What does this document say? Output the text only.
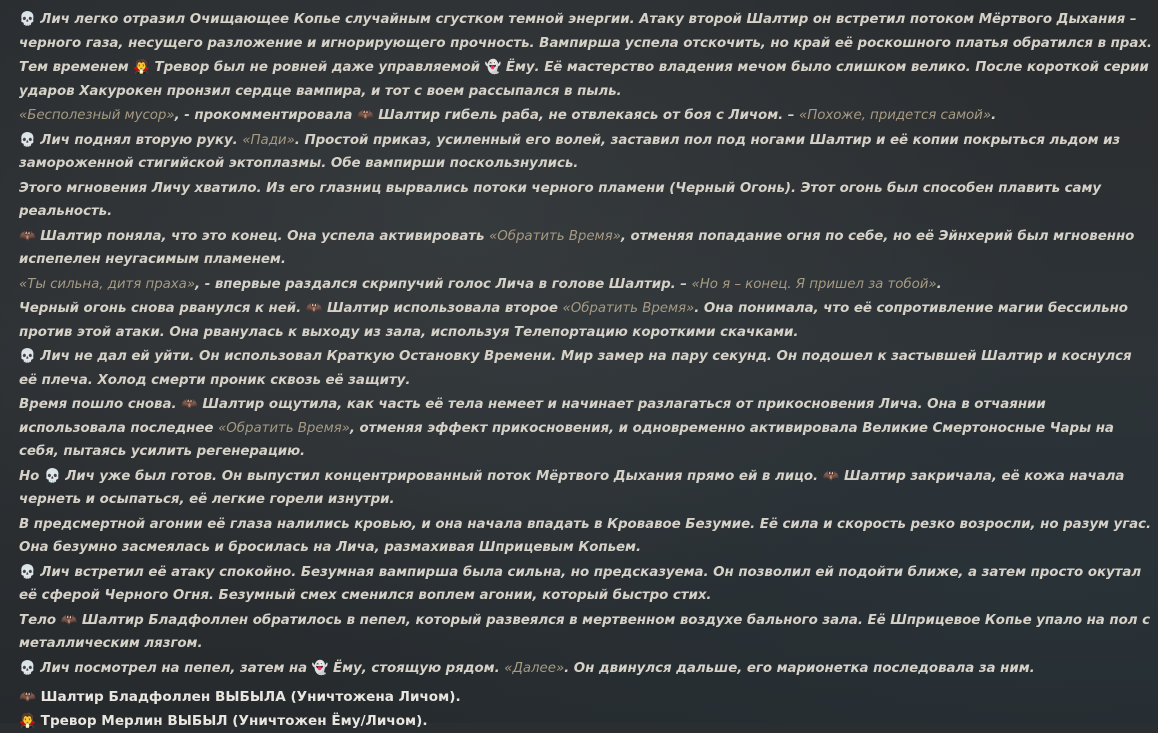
💀 Лич легко отразил Очищающее Копье случайным сгустком темной энергии. Атаку второй Шалтир он встретил потоком Мёртвого Дыхания – черного газа, несущего разложение и игнорирующего прочность. Вампирша успела отскочить, но край её роскошного платья обратился в прах.
Тем временем 🧛 Тревор был не ровней даже управляемой 👻 Ёму. Её мастерство владения мечом было слишком велико. После короткой серии ударов Хакурокен пронзил сердце вампира, и тот с воем рассыпался в пыль.
«Бесполезный мусор», - прокомментировала 🦇 Шалтир гибель раба, не отвлекаясь от боя с Личом. – «Похоже, придется самой».
💀 Лич поднял вторую руку. «Пади». Простой приказ, усиленный его волей, заставил пол под ногами Шалтир и её копии покрыться льдом из замороженной стигийской эктоплазмы. Обе вампирши поскользнулись.
Этого мгновения Личу хватило. Из его глазниц вырвались потоки черного пламени (Черный Огонь). Этот огонь был способен плавить саму реальность.
🦇 Шалтир поняла, что это конец. Она успела активировать «Обратить Время», отменяя попадание огня по себе, но её Эйнхерий был мгновенно испепелен неугасимым пламенем.
«Ты сильна, дитя праха», - впервые раздался скрипучий голос Лича в голове Шалтир. – «Но я – конец. Я пришел за тобой».
Черный огонь снова рванулся к ней. 🦇 Шалтир использовала второе «Обратить Время». Она понимала, что её сопротивление магии бессильно против этой атаки. Она рванулась к выходу из зала, используя Телепортацию короткими скачками.
💀 Лич не дал ей уйти. Он использовал Краткую Остановку Времени. Мир замер на пару секунд. Он подошел к застывшей Шалтир и коснулся её плеча. Холод смерти проник сквозь её защиту.
Время пошло снова. 🦇 Шалтир ощутила, как часть её тела немеет и начинает разлагаться от прикосновения Лича. Она в отчаянии использовала последнее «Обратить Время», отменяя эффект прикосновения, и одновременно активировала Великие Смертоносные Чары на себя, пытаясь усилить регенерацию.
Но 💀 Лич уже был готов. Он выпустил концентрированный поток Мёртвого Дыхания прямо ей в лицо. 🦇 Шалтир закричала, её кожа начала чернеть и осыпаться, её легкие горели изнутри.
В предсмертной агонии её глаза налились кровью, и она начала впадать в Кровавое Безумие. Её сила и скорость резко возросли, но разум угас. Она безумно засмеялась и бросилась на Лича, размахивая Шприцевым Копьем.
💀 Лич встретил её атаку спокойно. Безумная вампирша была сильна, но предсказуема. Он позволил ей подойти ближе, а затем просто окутал её сферой Черного Огня. Безумный смех сменился воплем агонии, который быстро стих.
Тело 🦇 Шалтир Бладфоллен обратилось в пепел, который развеялся в мертвенном воздухе бального зала. Её Шприцевое Копье упало на пол с металлическим лязгом.
💀 Лич посмотрел на пепел, затем на 👻 Ёму, стоящую рядом. «Далее». Он двинулся дальше, его марионетка последовала за ним.
🦇 Шалтир Бладфоллен ВЫБЫЛА (Уничтожена Личом).
🧛 Тревор Мерлин ВЫБЫЛ (Уничтожен Ёму/Личом).
